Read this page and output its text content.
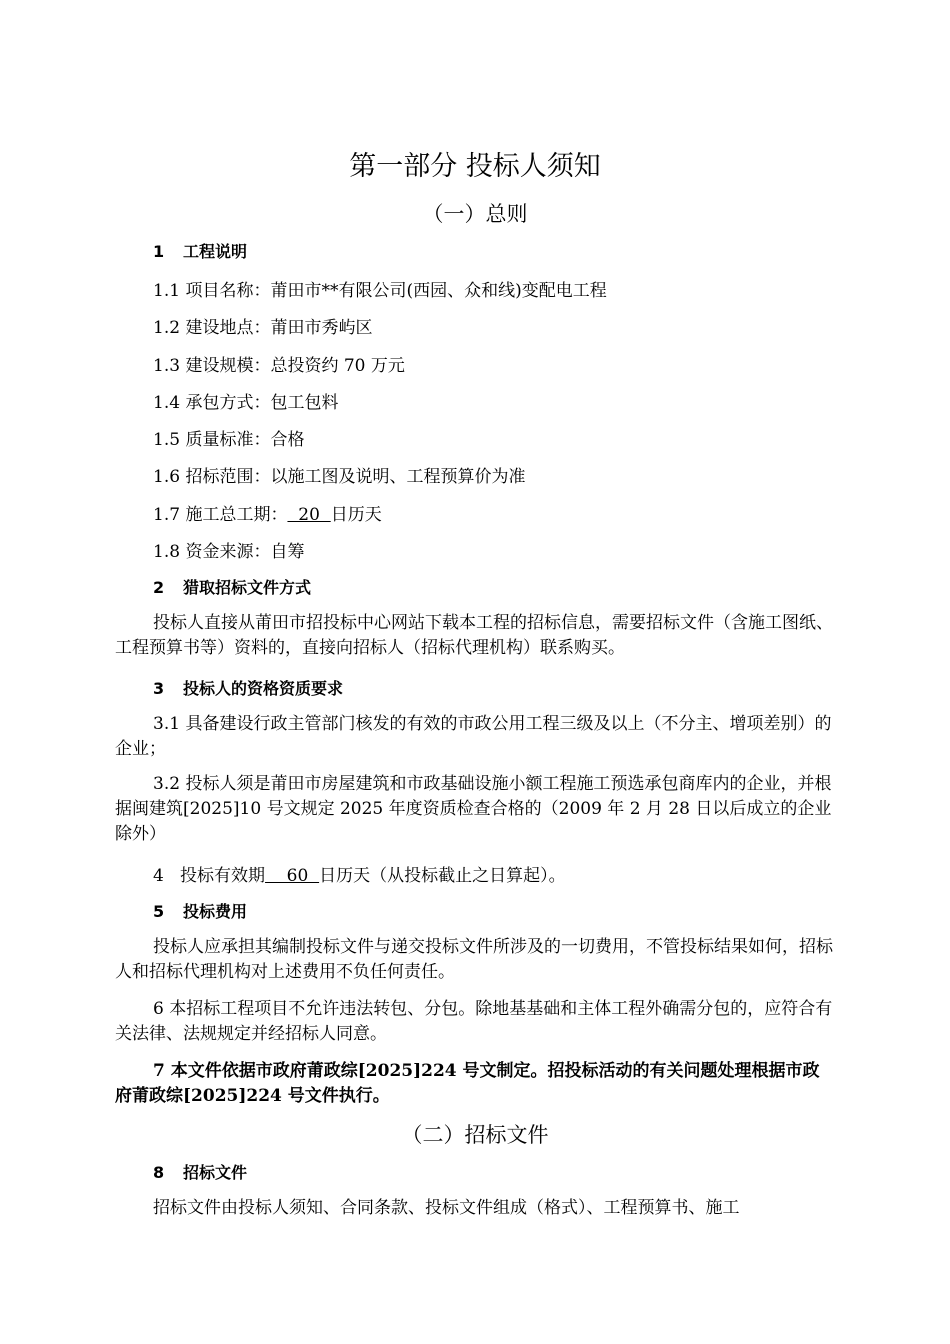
第一部分 投标人须知
（一）总则
1 工程说明
1.1 项目名称：莆田市**有限公司(西园、众和线)变配电工程
1.2 建设地点：莆田市秀屿区
1.3 建设规模：总投资约 70 万元
1.4 承包方式：包工包料
1.5 质量标准：合格
1.6 招标范围：以施工图及说明、工程预算价为准
1.7 施工总工期：  20  日历天
1.8 资金来源：自筹
2 猎取招标文件方式
投标人直接从莆田市招投标中心网站下载本工程的招标信息，需要招标文件（含施工图纸、工程预算书等）资料的，直接向招标人（招标代理机构）联系购买。
3 投标人的资格资质要求
3.1 具备建设行政主管部门核发的有效的市政公用工程三级及以上（不分主、增项差别）的企业；
3.2 投标人须是莆田市房屋建筑和市政基础设施小额工程施工预选承包商库内的企业，并根据闽建筑[2025]10 号文规定 2025 年度资质检查合格的（2009 年 2 月 28 日以后成立的企业除外）
4   投标有效期    60  日历天（从投标截止之日算起）。
5 投标费用
投标人应承担其编制投标文件与递交投标文件所涉及的一切费用，不管投标结果如何，招标人和招标代理机构对上述费用不负任何责任。
6 本招标工程项目不允许违法转包、分包。除地基基础和主体工程外确需分包的，应符合有关法律、法规规定并经招标人同意。
7 本文件依据市政府莆政综[2025]224 号文制定。招投标活动的有关问题处理根据市政府莆政综[2025]224 号文件执行。
（二）招标文件
8 招标文件
招标文件由投标人须知、合同条款、投标文件组成（格式）、工程预算书、施工
